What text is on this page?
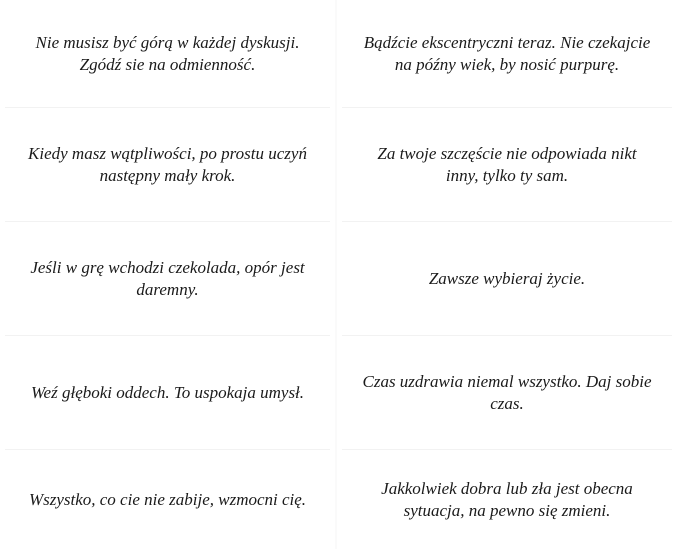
Nie musisz być górą w każdej dyskusji. Zgódź sie na odmienność.

Kiedy masz wątpliwości, po prostu uczyń następny mały krok.

Jeśli w grę wchodzi czekolada, opór jest daremny.

Weź głęboki oddech. To uspokaja umysł.

Wszystko, co cie nie zabije, wzmocni cię.

Bądźcie ekscentryczni teraz. Nie czekajcie na późny wiek, by nosić purpurę.

Za twoje szczęście nie odpowiada nikt inny, tylko ty sam.

Zawsze wybieraj życie.

Czas uzdrawia niemal wszystko. Daj sobie czas.

Jakkolwiek dobra lub zła jest obecna sytuacja, na pewno się zmieni.
